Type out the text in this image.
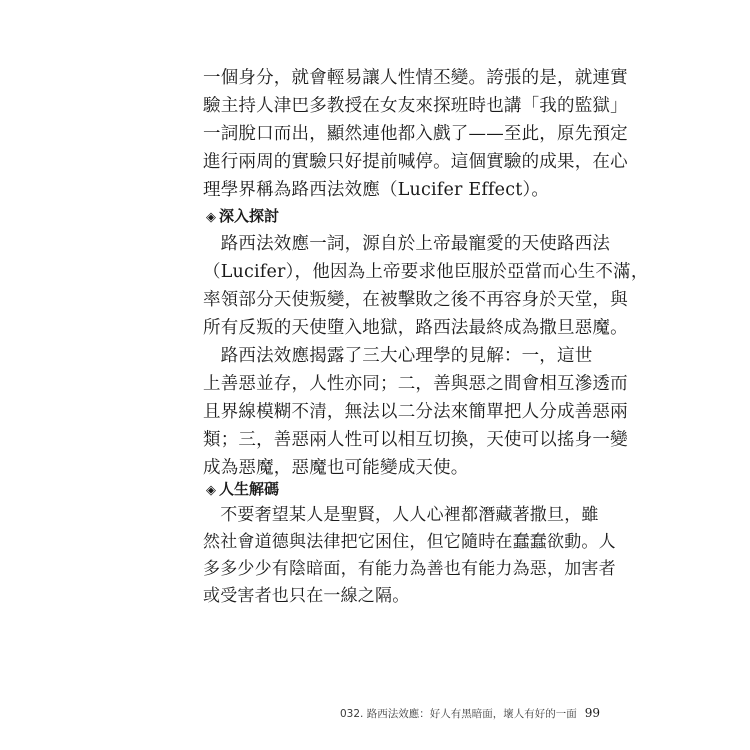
一個身分，就會輕易讓人性情丕變。誇張的是，就連實
驗主持人津巴多教授在女友來探班時也講「我的監獄」
一詞脫口而出，顯然連他都入戲了——至此，原先預定
進行兩周的實驗只好提前喊停。這個實驗的成果，在心
理學界稱為路西法效應（Lucifer Effect）。
◈ 深入探討
　路西法效應一詞，源自於上帝最寵愛的天使路西法
（Lucifer），他因為上帝要求他臣服於亞當而心生不滿，
率領部分天使叛變，在被擊敗之後不再容身於天堂，與
所有反叛的天使墮入地獄，路西法最終成為撒旦惡魔。
　路西法效應揭露了三大心理學的見解：一，這世
上善惡並存，人性亦同；二，善與惡之間會相互滲透而
且界線模糊不清，無法以二分法來簡單把人分成善惡兩
類；三，善惡兩人性可以相互切換，天使可以搖身一變
成為惡魔，惡魔也可能變成天使。
◈ 人生解碼
　不要奢望某人是聖賢，人人心裡都潛藏著撒旦，雖
然社會道德與法律把它困住，但它隨時在蠢蠢欲動。人
多多少少有陰暗面，有能力為善也有能力為惡，加害者
或受害者也只在一線之隔。
032. 路西法效應：好人有黑暗面，壞人有好的一面 99
